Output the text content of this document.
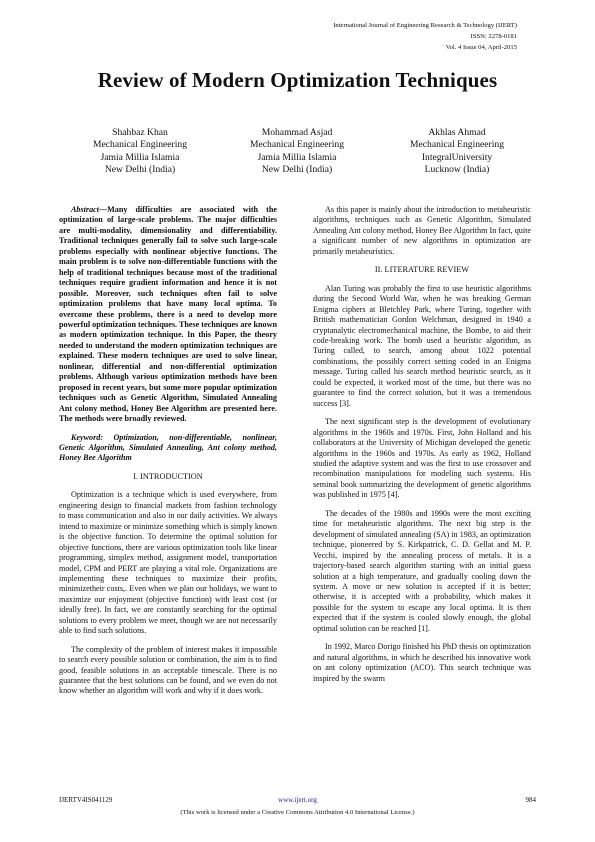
International Journal of Engineering Research & Technology (IJERT)
ISSN: 2278-0181
Vol. 4 Issue 04, April-2015
Review of Modern Optimization Techniques
Shahbaz Khan
Mechanical Engineering
Jamia Millia Islamia
New Delhi (India)
Mohammad Asjad
Mechanical Engineering
Jamia Millia Islamia
New Delhi (India)
Akhlas Ahmad
Mechanical Engineering
IntegralUniversity
Lucknow (India)

Abstract—Many difficulties are associated with the optimization of large-scale problems. The major difficulties are multi-modality, dimensionality and differentiability. Traditional techniques generally fail to solve such large-scale problems especially with nonlinear objective functions. The main problem is to solve non-differentiable functions with the help of traditional techniques because most of the traditional techniques require gradient information and hence it is not possible. Moreover, such techniques often fail to solve optimization problems that have many local optima. To overcome these problems, there is a need to develop more powerful optimization techniques. These techniques are known as modern optimization technique. In this Paper, the theory needed to understand the modern optimization techniques are explained. These modern techniques are used to solve linear, nonlinear, differential and non-differential optimization problems. Although various optimization methods have been proposed in recent years, but some more popular optimization techniques such as Genetic Algorithm, Simulated Annealing Ant colony method, Honey Bee Algorithm are presented here. The methods were broadly reviewed.

Keyword: Optimization, non-differentiable, nonlinear, Genetic Algorithm, Simulated Annealing, Ant colony method, Honey Bee Algorithm

I. INTRODUCTION

Optimization is a technique which is used everywhere, from engineering design to financial markets from fashion technology to mass communication and also in our daily activities. We always intend to maximize or minimize something which is simply known is the objective function. To determine the optimal solution for objective functions, there are various optimization tools like linear programming, simplex method, assignment model, transportation model, CPM and PERT are playing a vital role. Organizations are implementing these techniques to maximize their profits, minimizetheir costs,. Even when we plan our holidays, we want to maximize our enjoyment (objective function) with least cost (or ideally free). In fact, we are constantly searching for the optimal solutions to every problem we meet, though we are not necessarily able to find such solutions.

The complexity of the problem of interest makes it impossible to search every possible solution or combination, the aim is to find good, feasible solutions in an acceptable timescale. There is no guarantee that the best solutions can be found, and we even do not know whether an algorithm will work and why if it does work.

As this paper is mainly about the introduction to metaheuristic algorithms, techniques such as Genetic Algorithm, Simulated Annealing Ant colony method, Honey Bee Algorithm In fact, quite a significant number of new algorithms in optimization are primarily metaheuristics.

II. LITERATURE REVIEW

Alan Turing was probably the first to use heuristic algorithms during the Second World War, when he was breaking German Enigma ciphers at Bletchley Park, where Turing, together with British mathematician Gordon Welchman, designed in 1940 a cryptanalytic electromechanical machine, the Bombe, to aid their code-breaking work. The bomb used a heuristic algorithm, as Turing called, to search, among about 1022 potential combinations, the possibly correct setting coded in an Enigma message. Turing called his search method heuristic search, as it could be expected, it worked most of the time, but there was no guarantee to find the correct solution, but it was a tremendous success [3].

The next significant step is the development of evolutionary algorithms in the 1960s and 1970s. First, John Holland and his collaborators at the University of Michigan developed the genetic algorithms in the 1960s and 1970s. As early as 1962, Holland studied the adaptive system and was the first to use crossover and recombination manipulations for modeling such systems. His seminal book summarizing the development of genetic algorithms was published in 1975 [4].

The decades of the 1980s and 1990s were the most exciting time for metaheuristic algorithms. The next big step is the development of simulated annealing (SA) in 1983, an optimization technique, pioneered by S. Kirkpatrick, C. D. Gellat and M. P. Vecchi, inspired by the annealing process of metals. It is a trajectory-based search algorithm starting with an initial guess solution at a high temperature, and gradually cooling down the system. A move or new solution is accepted if it is better; otherwise, it is accepted with a probability, which makes it possible for the system to escape any local optima. It is then expected that if the system is cooled slowly enough, the global optimal solution can be reached [1].

In 1992, Marco Dorigo finished his PhD thesis on optimization and natural algorithms, in which he described his innovative work on ant colony optimization (ACO). This search technique was inspired by the swarm

IJERTV4IS041129	www.ijert.org	984
(This work is licensed under a Creative Commons Attribution 4.0 International License.)
